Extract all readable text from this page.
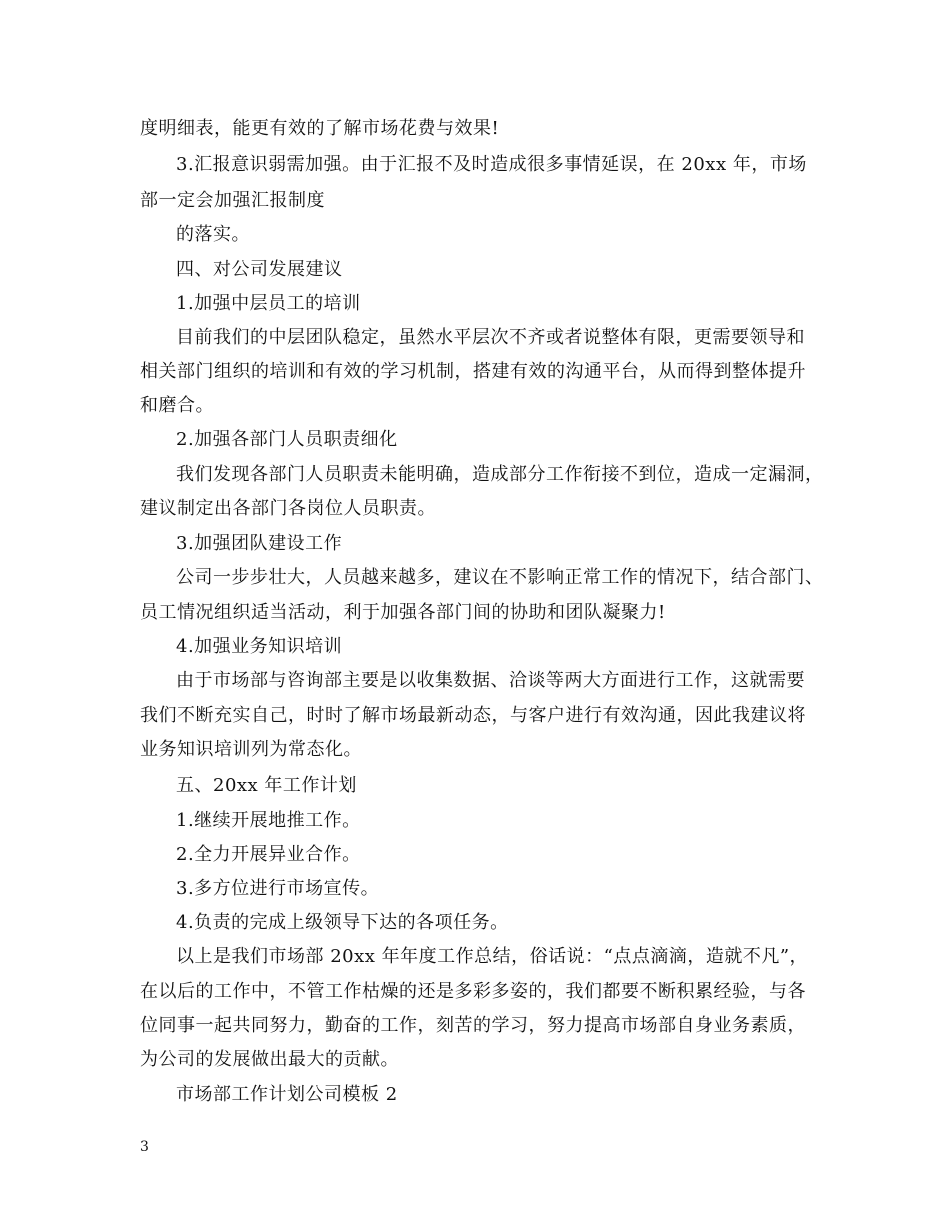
度明细表，能更有效的了解市场花费与效果!
3.汇报意识弱需加强。由于汇报不及时造成很多事情延误，在 20xx 年，市场
部一定会加强汇报制度
的落实。
四、对公司发展建议
1.加强中层员工的培训
目前我们的中层团队稳定，虽然水平层次不齐或者说整体有限，更需要领导和
相关部门组织的培训和有效的学习机制，搭建有效的沟通平台，从而得到整体提升
和磨合。
2.加强各部门人员职责细化
我们发现各部门人员职责未能明确，造成部分工作衔接不到位，造成一定漏洞，
建议制定出各部门各岗位人员职责。
3.加强团队建设工作
公司一步步壮大，人员越来越多，建议在不影响正常工作的情况下，结合部门、
员工情况组织适当活动，利于加强各部门间的协助和团队凝聚力!
4.加强业务知识培训
由于市场部与咨询部主要是以收集数据、洽谈等两大方面进行工作，这就需要
我们不断充实自己，时时了解市场最新动态，与客户进行有效沟通，因此我建议将
业务知识培训列为常态化。
五、20xx 年工作计划
1.继续开展地推工作。
2.全力开展异业合作。
3.多方位进行市场宣传。
4.负责的完成上级领导下达的各项任务。
以上是我们市场部 20xx 年年度工作总结，俗话说：“点点滴滴，造就不凡”，
在以后的工作中，不管工作枯燥的还是多彩多姿的，我们都要不断积累经验，与各
位同事一起共同努力，勤奋的工作，刻苦的学习，努力提高市场部自身业务素质，
为公司的发展做出最大的贡献。
市场部工作计划公司模板 2
3
